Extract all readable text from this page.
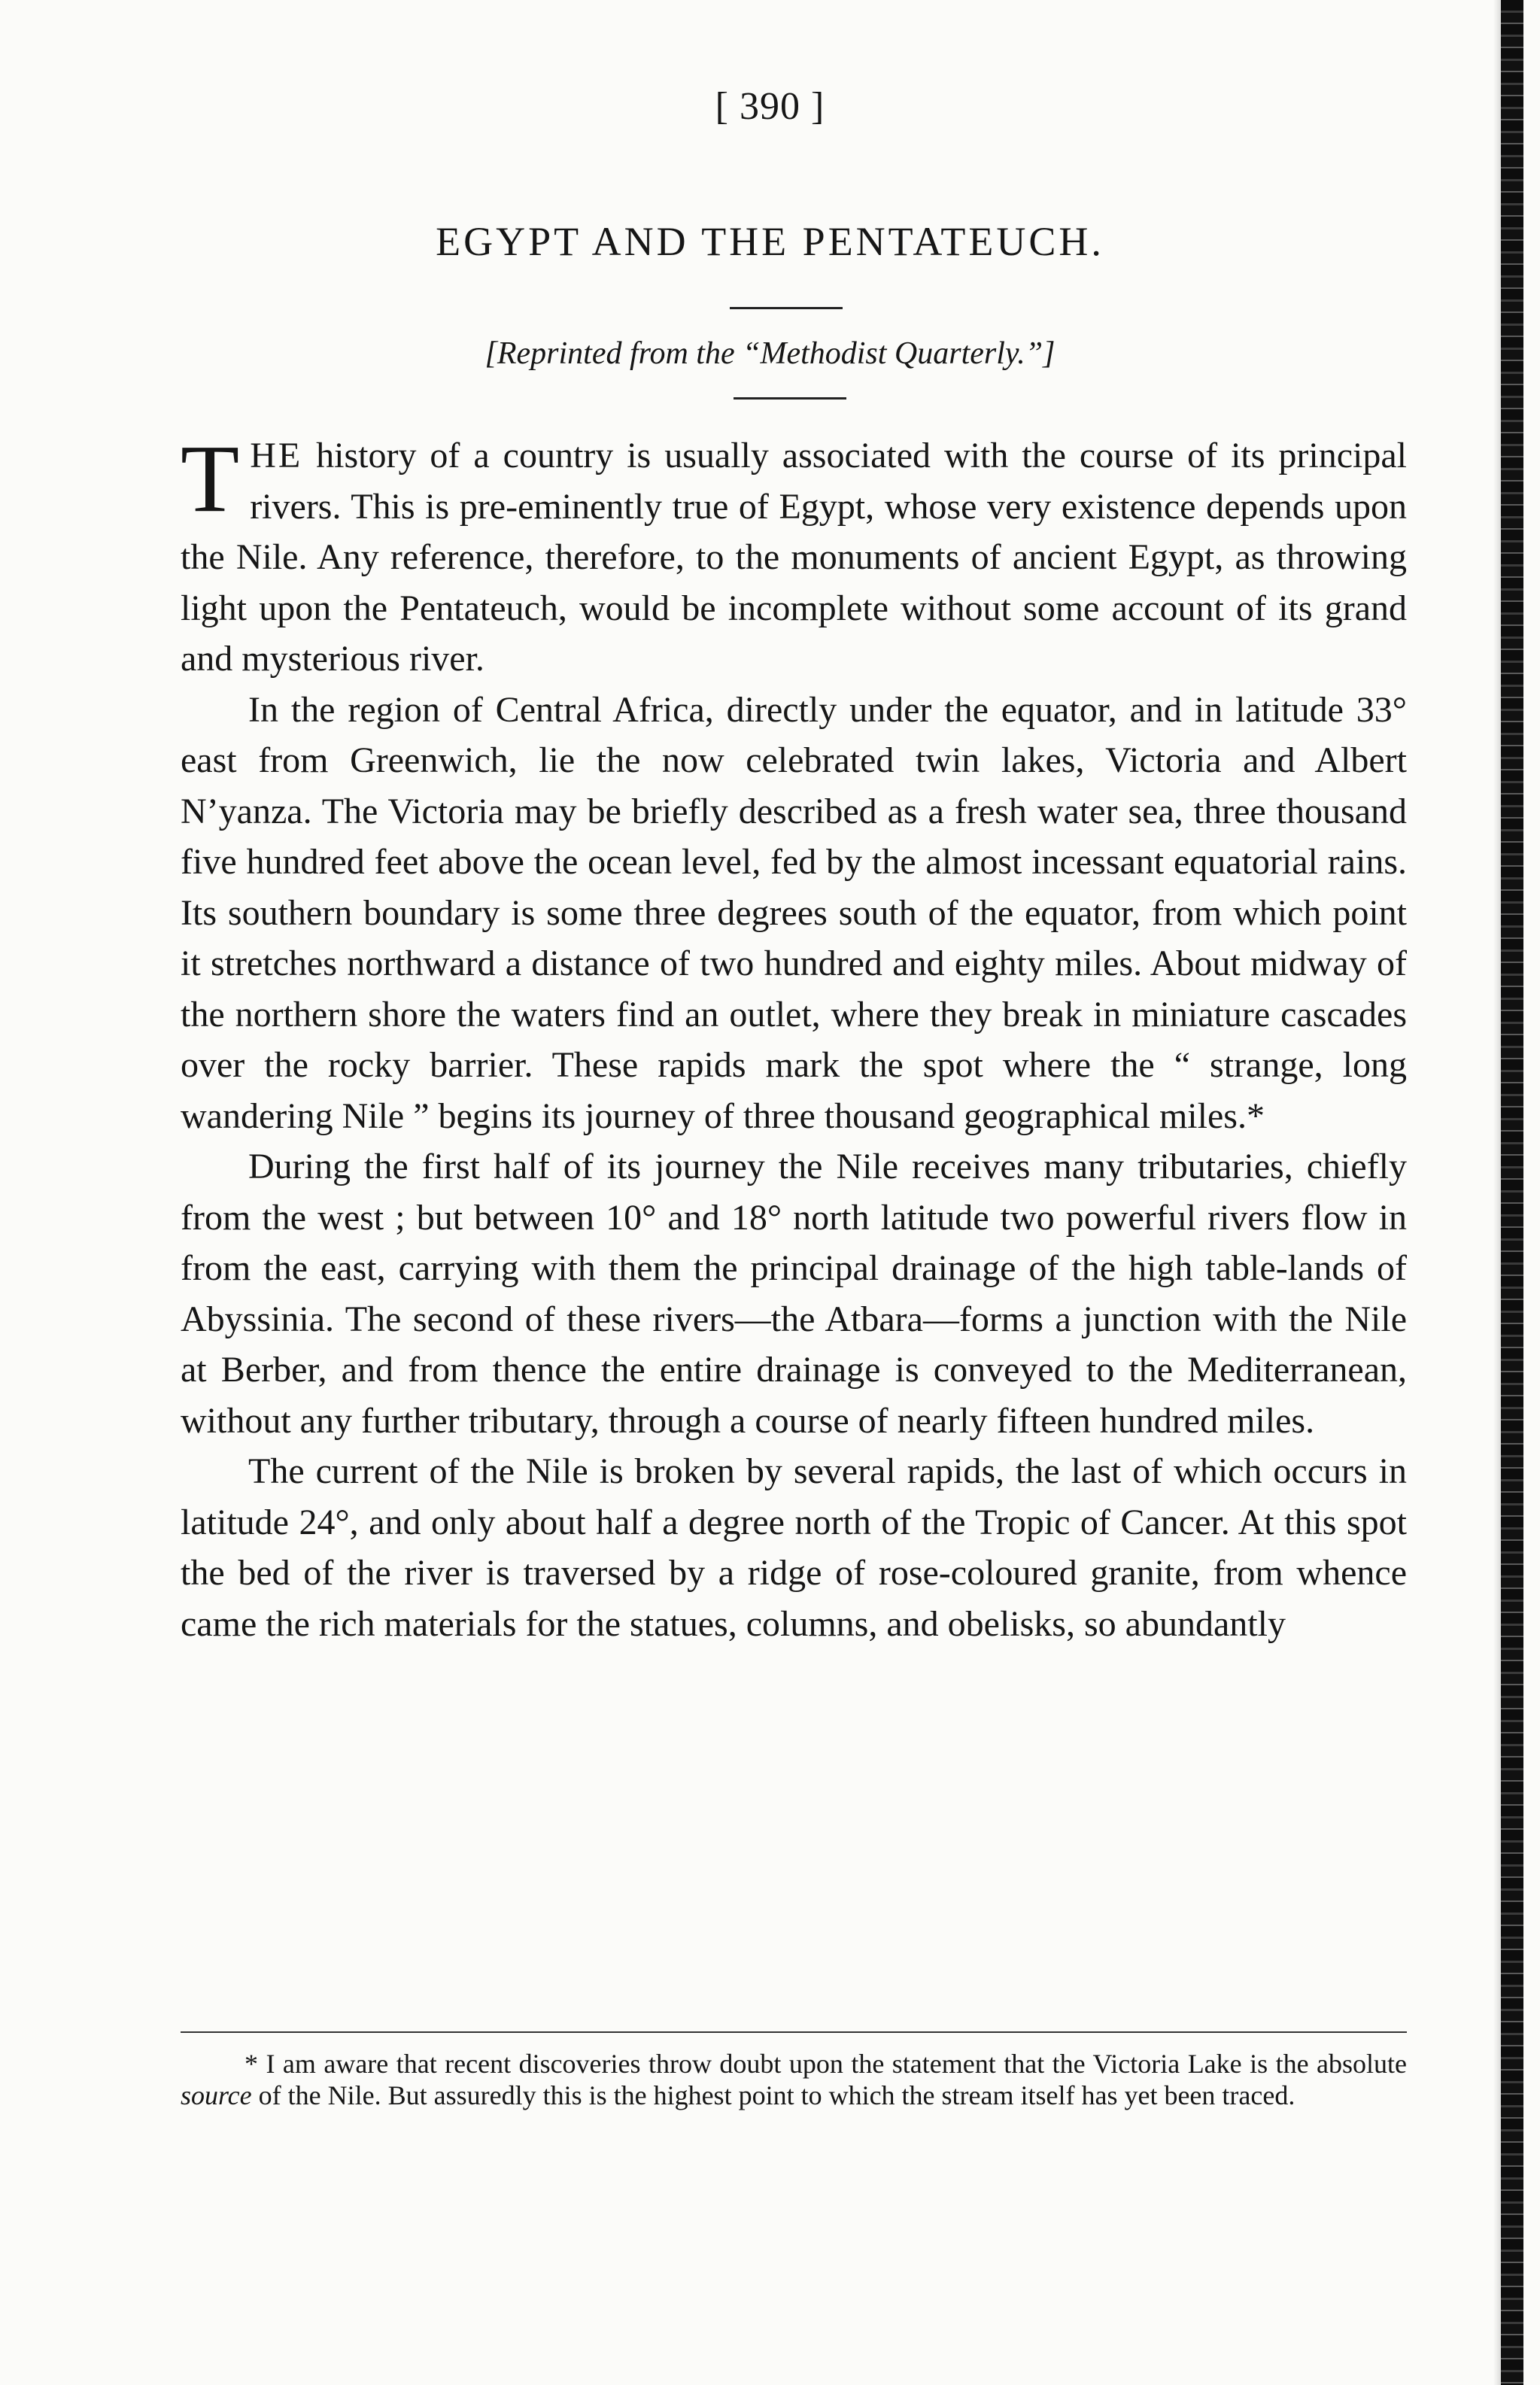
[ 390 ]
EGYPT AND THE PENTATEUCH.
[Reprinted from the “Methodist Quarterly.”]

THE history of a country is usually associated with the course of its principal rivers. This is pre-eminently true of Egypt, whose very existence depends upon the Nile. Any reference, therefore, to the monuments of ancient Egypt, as throwing light upon the Pentateuch, would be incomplete without some account of its grand and mysterious river.

In the region of Central Africa, directly under the equator, and in latitude 33° east from Greenwich, lie the now celebrated twin lakes, Victoria and Albert N’yanza. The Victoria may be briefly described as a fresh water sea, three thousand five hundred feet above the ocean level, fed by the almost incessant equatorial rains. Its southern boundary is some three degrees south of the equator, from which point it stretches northward a distance of two hundred and eighty miles. About midway of the northern shore the waters find an outlet, where they break in miniature cascades over the rocky barrier. These rapids mark the spot where the “ strange, long wandering Nile ” begins its journey of three thousand geographical miles.*

During the first half of its journey the Nile receives many tributaries, chiefly from the west ; but between 10° and 18° north latitude two powerful rivers flow in from the east, carrying with them the principal drainage of the high table-lands of Abyssinia. The second of these rivers—the Atbara—forms a junction with the Nile at Berber, and from thence the entire drainage is conveyed to the Mediterranean, without any further tributary, through a course of nearly fifteen hundred miles.

The current of the Nile is broken by several rapids, the last of which occurs in latitude 24°, and only about half a degree north of the Tropic of Cancer. At this spot the bed of the river is traversed by a ridge of rose-coloured granite, from whence came the rich materials for the statues, columns, and obelisks, so abundantly

* I am aware that recent discoveries throw doubt upon the statement that the Victoria Lake is the absolute source of the Nile. But assuredly this is the highest point to which the stream itself has yet been traced.
